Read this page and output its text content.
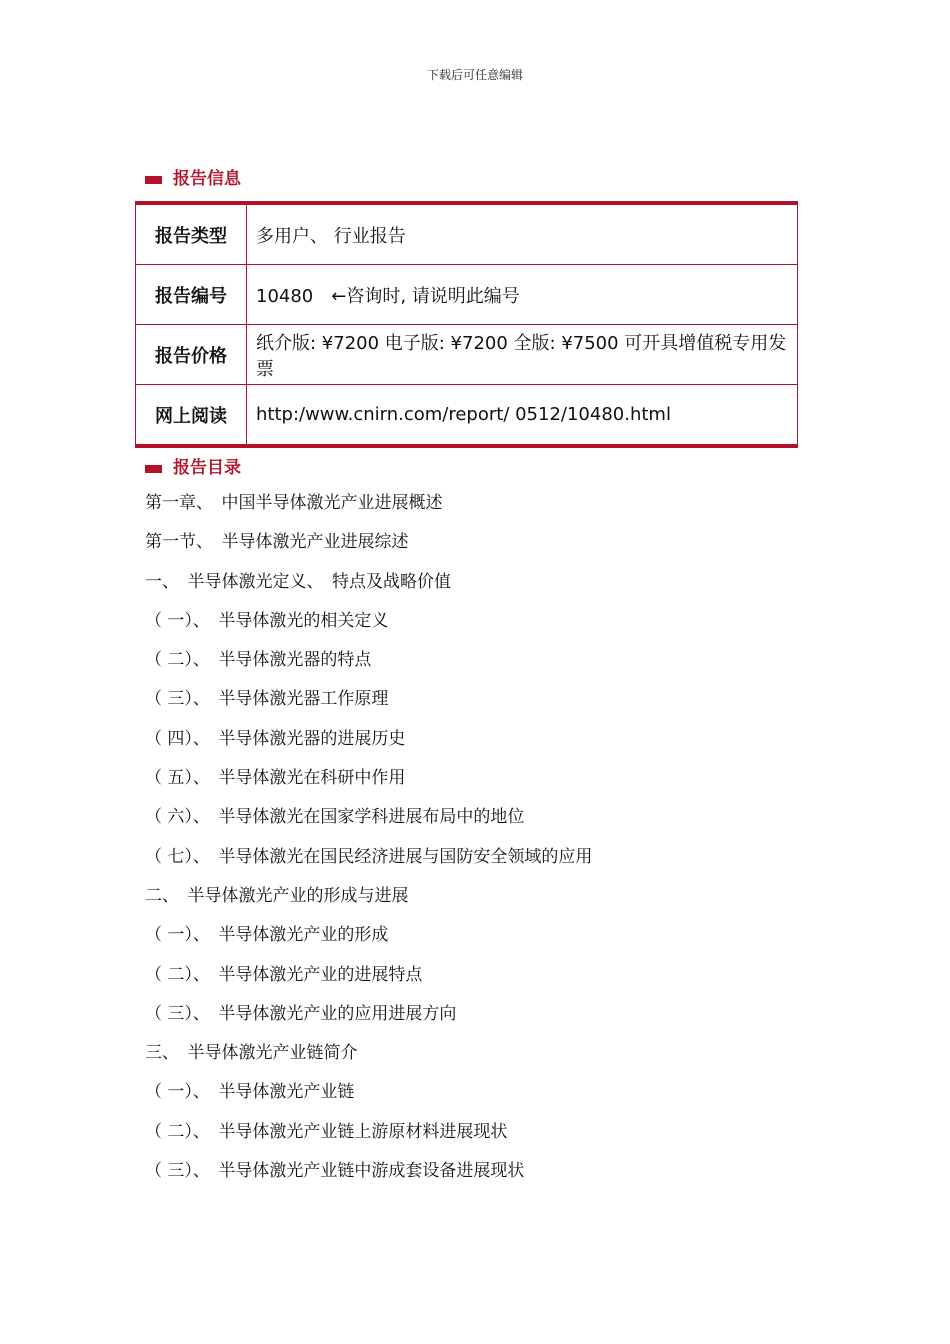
下载后可任意编辑
报告信息
报告类型	多用户、 行业报告
报告编号	10480　←咨询时, 请说明此编号
报告价格	纸介版: ¥7200 电子版: ¥7200 全版: ¥7500 可开具增值税专用发票
网上阅读	http:/www.cnirn.com/report/ 0512/10480.html
报告目录
第一章、　中国半导体激光产业进展概述
第一节、　半导体激光产业进展综述
一、　半导体激光定义、　特点及战略价值
（ 一）、　半导体激光的相关定义
（ 二）、　半导体激光器的特点
（ 三）、　半导体激光器工作原理
（ 四）、　半导体激光器的进展历史
（ 五）、　半导体激光在科研中作用
（ 六）、　半导体激光在国家学科进展布局中的地位
（ 七）、　半导体激光在国民经济进展与国防安全领域的应用
二、　半导体激光产业的形成与进展
（ 一）、　半导体激光产业的形成
（ 二）、　半导体激光产业的进展特点
（ 三）、　半导体激光产业的应用进展方向
三、　半导体激光产业链简介
（ 一）、　半导体激光产业链
（ 二）、　半导体激光产业链上游原材料进展现状
（ 三）、　半导体激光产业链中游成套设备进展现状
